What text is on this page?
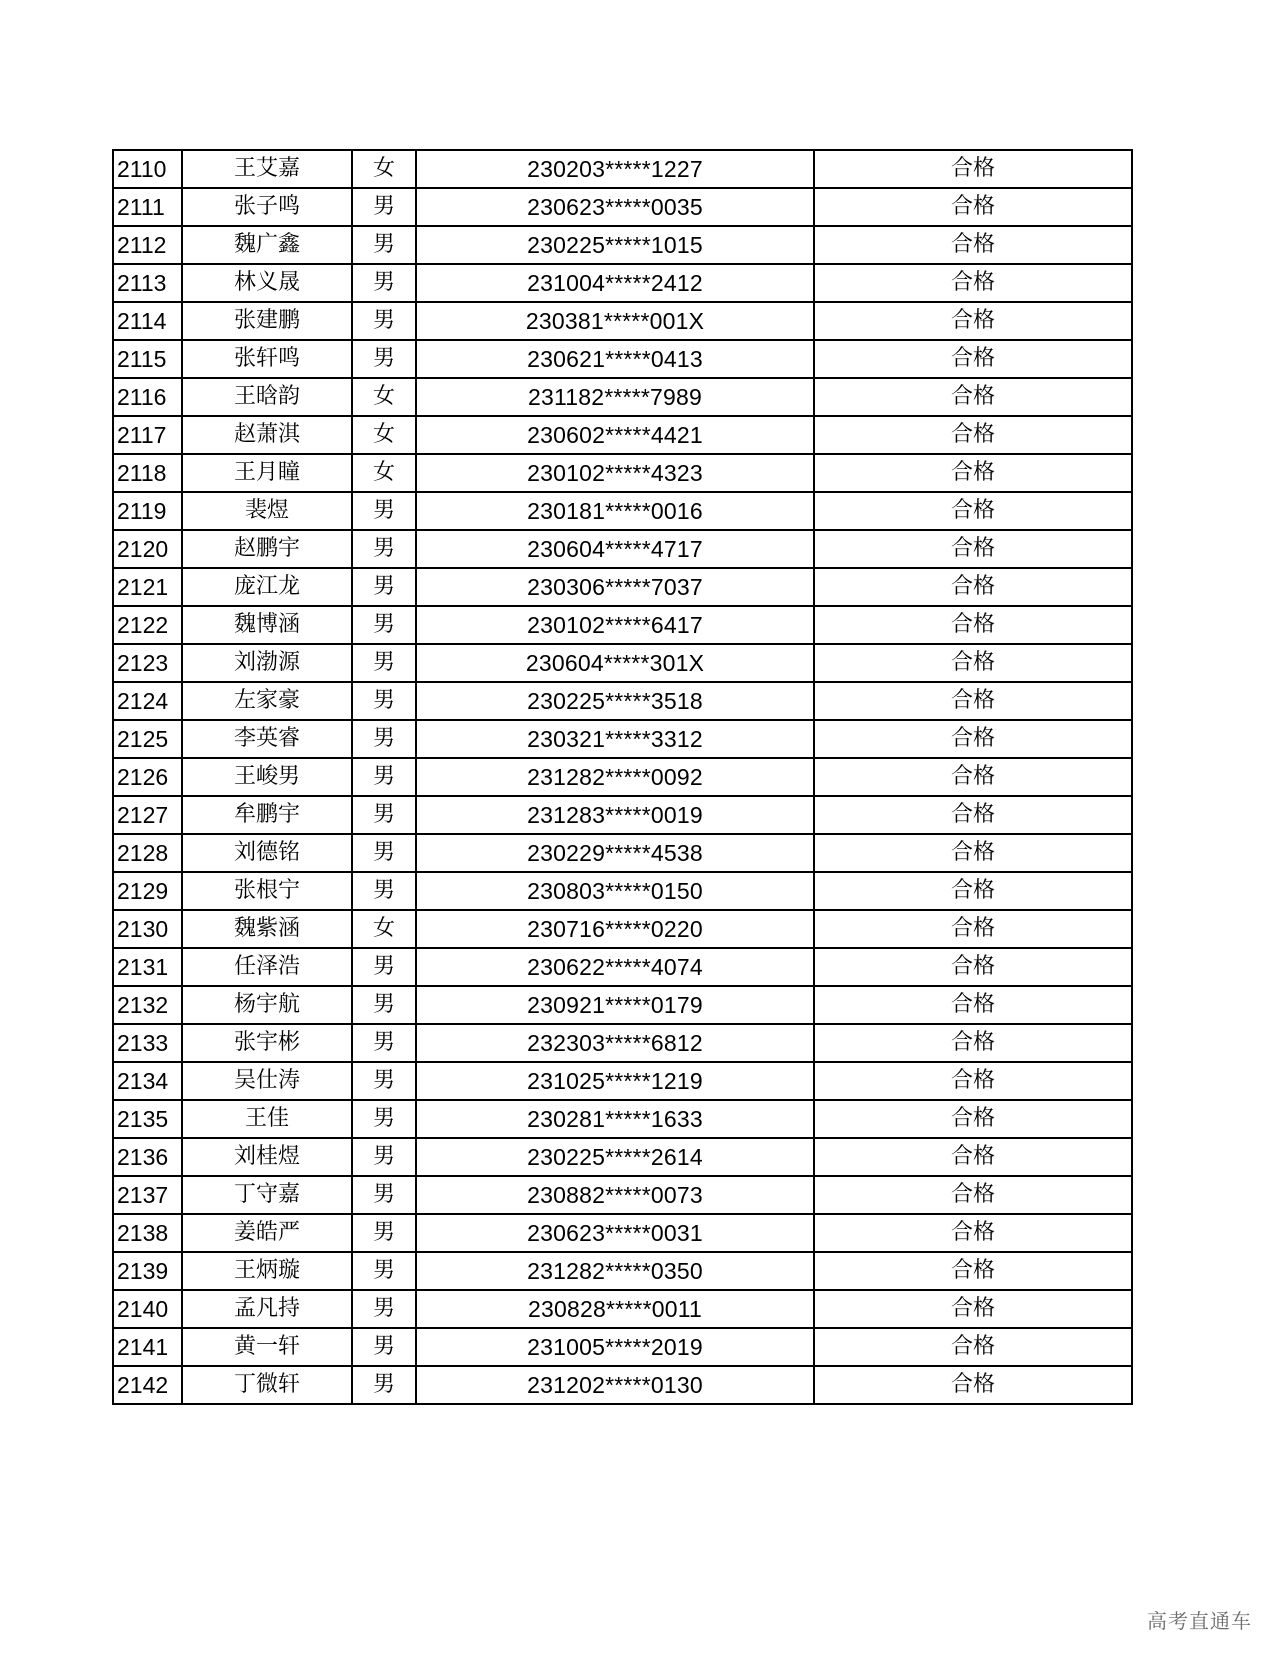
2110	王艾嘉	女	230203*****1227	合格
2111	张子鸣	男	230623*****0035	合格
2112	魏广鑫	男	230225*****1015	合格
2113	林义晟	男	231004*****2412	合格
2114	张建鹏	男	230381*****001X	合格
2115	张轩鸣	男	230621*****0413	合格
2116	王晗韵	女	231182*****7989	合格
2117	赵萧淇	女	230602*****4421	合格
2118	王月瞳	女	230102*****4323	合格
2119	裴煜	男	230181*****0016	合格
2120	赵鹏宇	男	230604*****4717	合格
2121	庞江龙	男	230306*****7037	合格
2122	魏博涵	男	230102*****6417	合格
2123	刘渤源	男	230604*****301X	合格
2124	左家豪	男	230225*****3518	合格
2125	李英睿	男	230321*****3312	合格
2126	王峻男	男	231282*****0092	合格
2127	牟鹏宇	男	231283*****0019	合格
2128	刘德铭	男	230229*****4538	合格
2129	张根宁	男	230803*****0150	合格
2130	魏紫涵	女	230716*****0220	合格
2131	任泽浩	男	230622*****4074	合格
2132	杨宇航	男	230921*****0179	合格
2133	张宇彬	男	232303*****6812	合格
2134	吴仕涛	男	231025*****1219	合格
2135	王佳	男	230281*****1633	合格
2136	刘桂煜	男	230225*****2614	合格
2137	丁守嘉	男	230882*****0073	合格
2138	姜皓严	男	230623*****0031	合格
2139	王炳璇	男	231282*****0350	合格
2140	孟凡持	男	230828*****0011	合格
2141	黄一轩	男	231005*****2019	合格
2142	丁微轩	男	231202*****0130	合格
高考直通车
